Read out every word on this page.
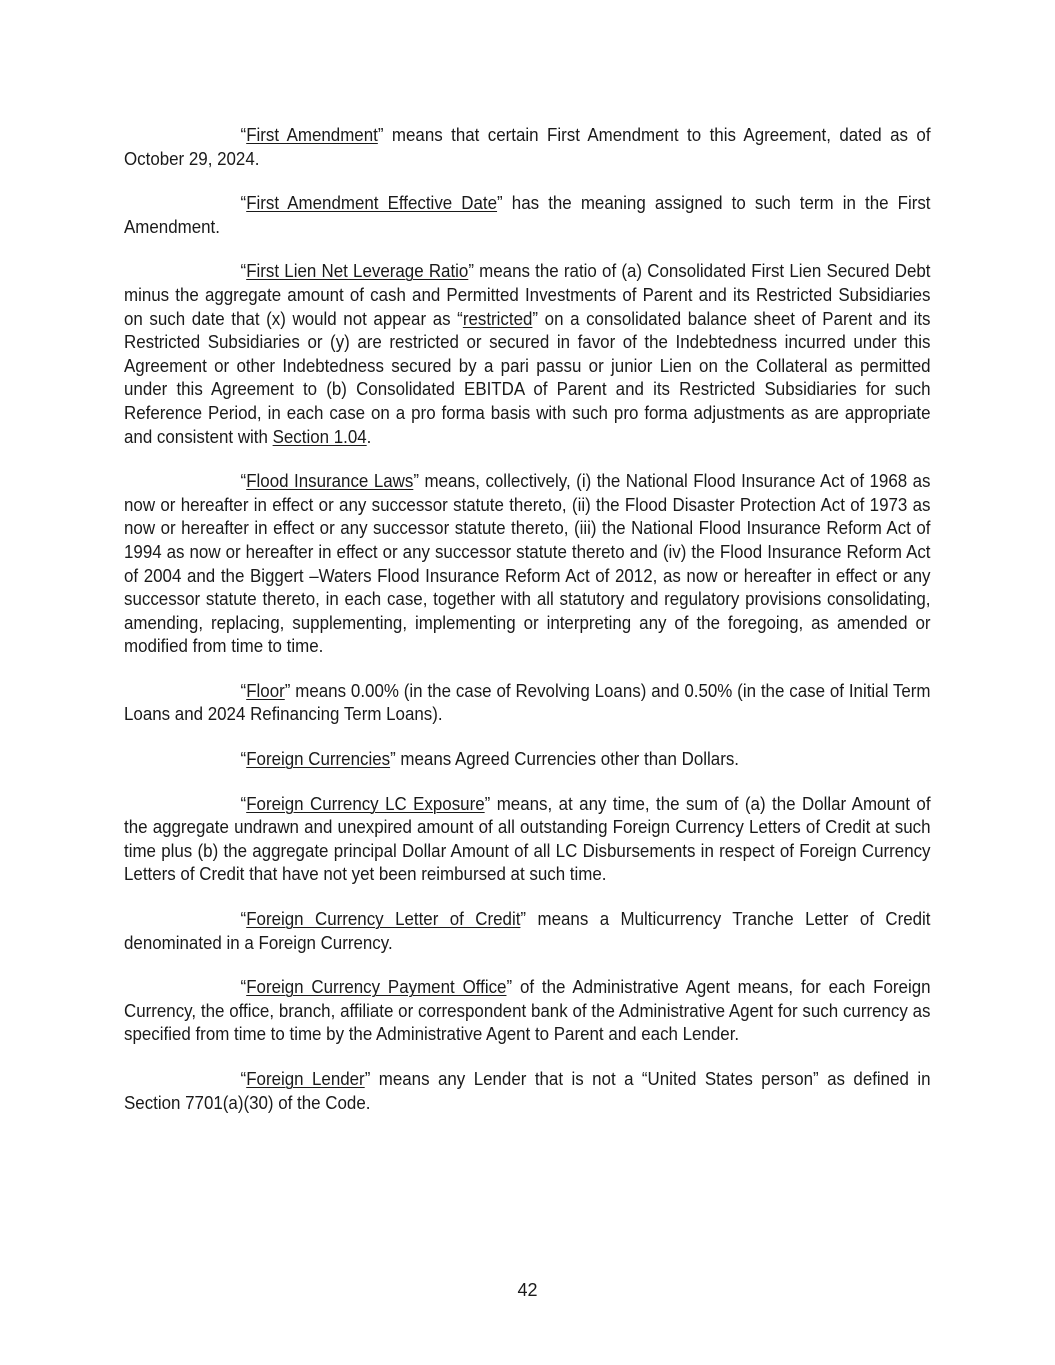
“First Amendment” means that certain First Amendment to this Agreement, dated as of October 29, 2024.

“First Amendment Effective Date” has the meaning assigned to such term in the First Amendment.

“First Lien Net Leverage Ratio” means the ratio of (a) Consolidated First Lien Secured Debt minus the aggregate amount of cash and Permitted Investments of Parent and its Restricted Subsidiaries on such date that (x) would not appear as “restricted” on a consolidated balance sheet of Parent and its Restricted Subsidiaries or (y) are restricted or secured in favor of the Indebtedness incurred under this Agreement or other Indebtedness secured by a pari passu or junior Lien on the Collateral as permitted under this Agreement to (b) Consolidated EBITDA of Parent and its Restricted Subsidiaries for such Reference Period, in each case on a pro forma basis with such pro forma adjustments as are appropriate and consistent with Section 1.04.

“Flood Insurance Laws” means, collectively, (i) the National Flood Insurance Act of 1968 as now or hereafter in effect or any successor statute thereto, (ii) the Flood Disaster Protection Act of 1973 as now or hereafter in effect or any successor statute thereto, (iii) the National Flood Insurance Reform Act of 1994 as now or hereafter in effect or any successor statute thereto and (iv) the Flood Insurance Reform Act of 2004 and the Biggert –Waters Flood Insurance Reform Act of 2012, as now or hereafter in effect or any successor statute thereto, in each case, together with all statutory and regulatory provisions consolidating, amending, replacing, supplementing, implementing or interpreting any of the foregoing, as amended or modified from time to time.

“Floor” means 0.00% (in the case of Revolving Loans) and 0.50% (in the case of Initial Term Loans and 2024 Refinancing Term Loans).

“Foreign Currencies” means Agreed Currencies other than Dollars.

“Foreign Currency LC Exposure” means, at any time, the sum of (a) the Dollar Amount of the aggregate undrawn and unexpired amount of all outstanding Foreign Currency Letters of Credit at such time plus (b) the aggregate principal Dollar Amount of all LC Disbursements in respect of Foreign Currency Letters of Credit that have not yet been reimbursed at such time.

“Foreign Currency Letter of Credit” means a Multicurrency Tranche Letter of Credit denominated in a Foreign Currency.

“Foreign Currency Payment Office” of the Administrative Agent means, for each Foreign Currency, the office, branch, affiliate or correspondent bank of the Administrative Agent for such currency as specified from time to time by the Administrative Agent to Parent and each Lender.

“Foreign Lender” means any Lender that is not a “United States person” as defined in Section 7701(a)(30) of the Code.

42
